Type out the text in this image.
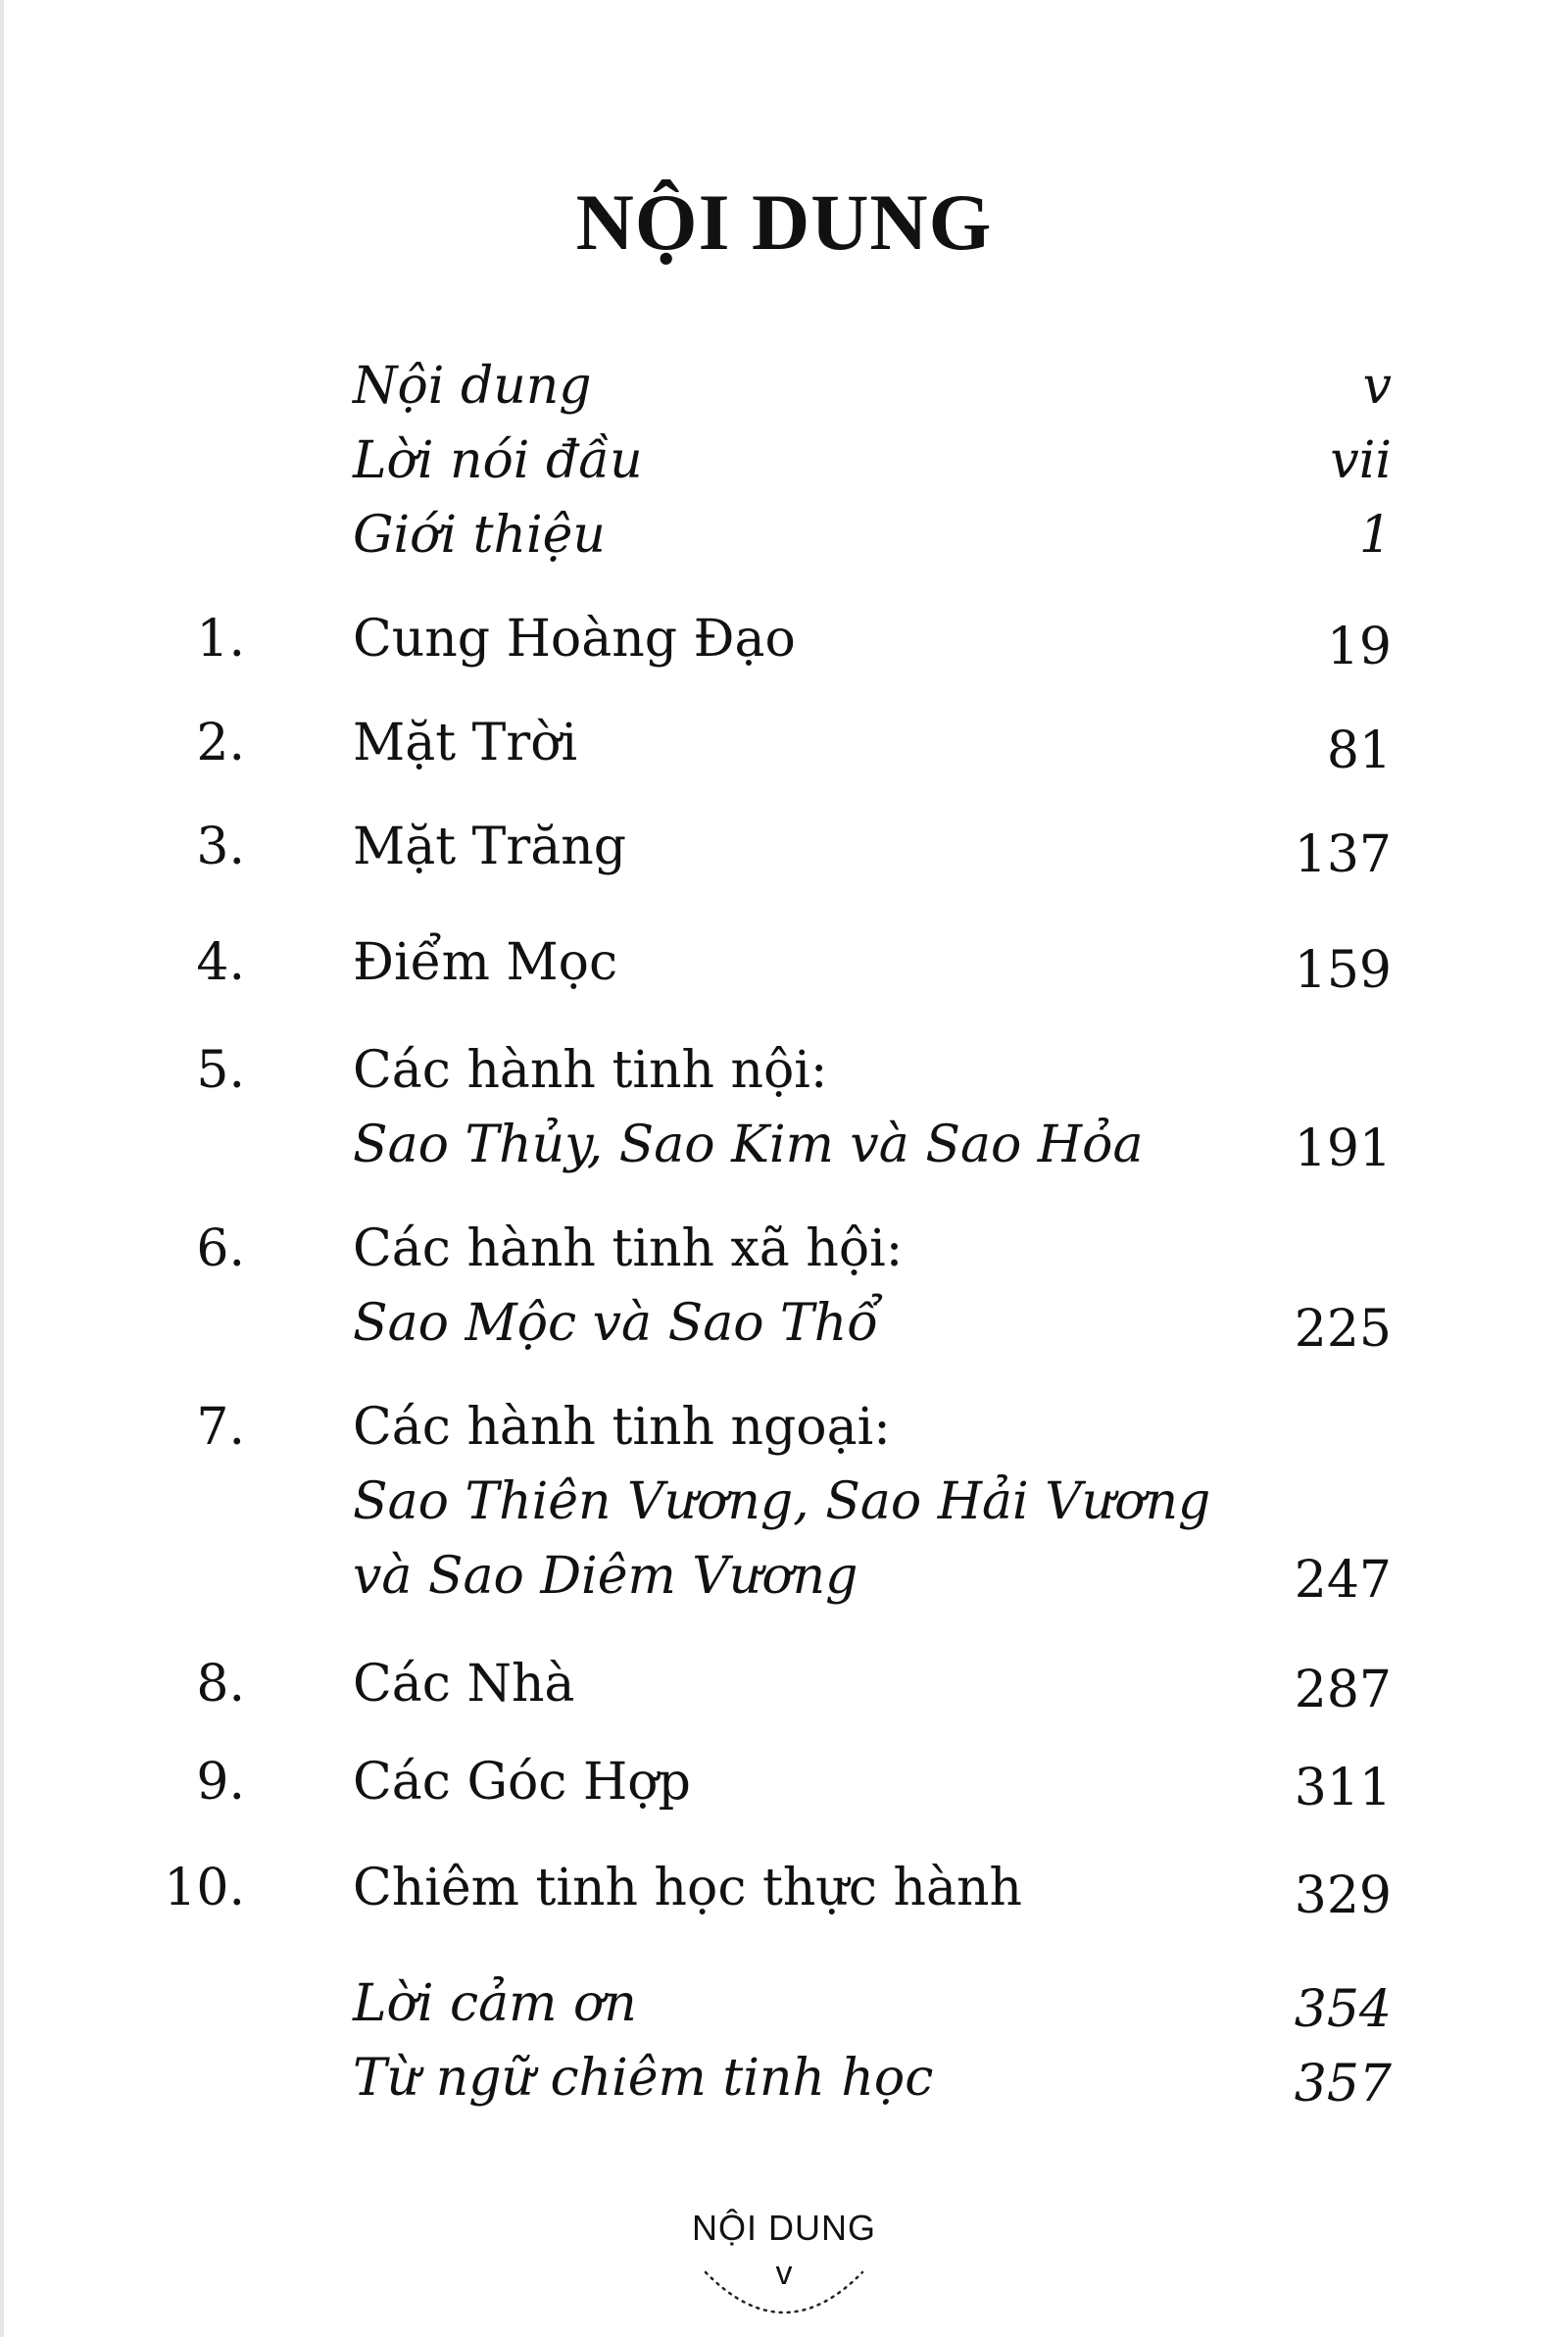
NỘI DUNG
Nội dung	v
Lời nói đầu	vii
Giới thiệu	1
1. Cung Hoàng Đạo	19
2. Mặt Trời	81
3. Mặt Trăng	137
4. Điểm Mọc	159
5. Các hành tinh nội:
Sao Thủy, Sao Kim và Sao Hỏa	191
6. Các hành tinh xã hội:
Sao Mộc và Sao Thổ	225
7. Các hành tinh ngoại:
Sao Thiên Vương, Sao Hải Vương
và Sao Diêm Vương	247
8. Các Nhà	287
9. Các Góc Hợp	311
10. Chiêm tinh học thực hành	329
Lời cảm ơn	354
Từ ngữ chiêm tinh học	357
NỘI DUNG
v
